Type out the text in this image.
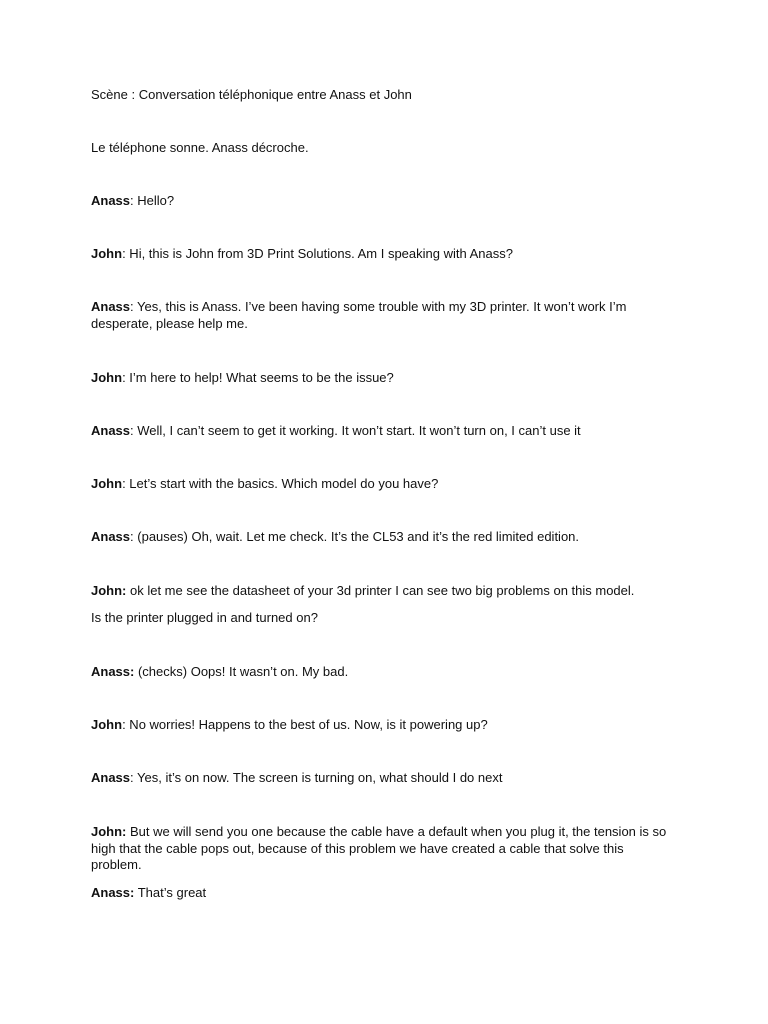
Scène : Conversation téléphonique entre Anass et John

Le téléphone sonne. Anass décroche.

Anass: Hello?

John: Hi, this is John from 3D Print Solutions. Am I speaking with Anass?

Anass: Yes, this is Anass. I’ve been having some trouble with my 3D printer. It won’t work I’m desperate, please help me.

John: I’m here to help! What seems to be the issue?

Anass: Well, I can’t seem to get it working. It won’t start. It won’t turn on, I can’t use it

John: Let’s start with the basics. Which model do you have?

Anass: (pauses) Oh, wait. Let me check. It’s the CL53 and it’s the red limited edition.

John: ok let me see the datasheet of your 3d printer I can see two big problems on this model.

Is the printer plugged in and turned on?

Anass: (checks) Oops! It wasn’t on. My bad.

John: No worries! Happens to the best of us. Now, is it powering up?

Anass: Yes, it’s on now. The screen is turning on, what should I do next

John: But we will send you one because the cable have a default when you plug it, the tension is so high that the cable pops out, because of this problem we have created a cable that solve this problem.

Anass: That’s great
